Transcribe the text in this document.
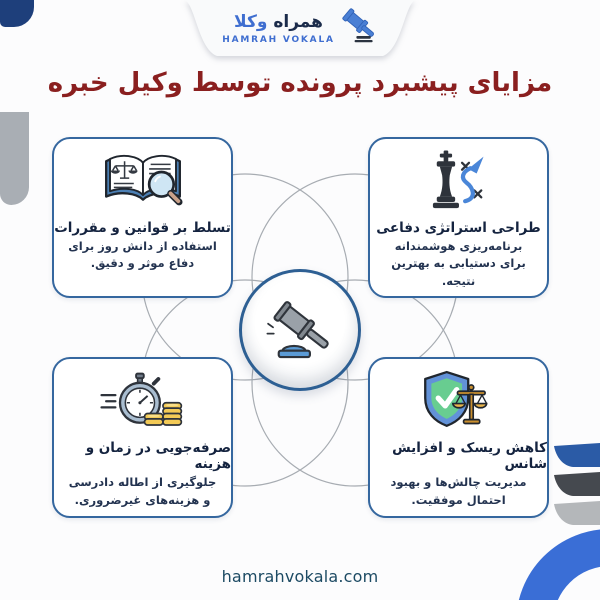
همراه وکلا
HAMRAH VOKALA
مزایای پیشبرد پرونده توسط وکیل خبره
تسلط بر قوانین و مقررات

استفاده از دانش روز برای دفاع موثر و دقیق.

طراحی استراتژی دفاعی

برنامه‌ریزی هوشمندانه برای دستیابی به بهترین نتیجه.

صرفه‌جویی در زمان و هزینه

جلوگیری از اطاله دادرسی و هزینه‌های غیرضروری.

کاهش ریسک و افزایش شانس

مدیریت چالش‌ها و بهبود احتمال موفقیت.

hamrahvokala.com
